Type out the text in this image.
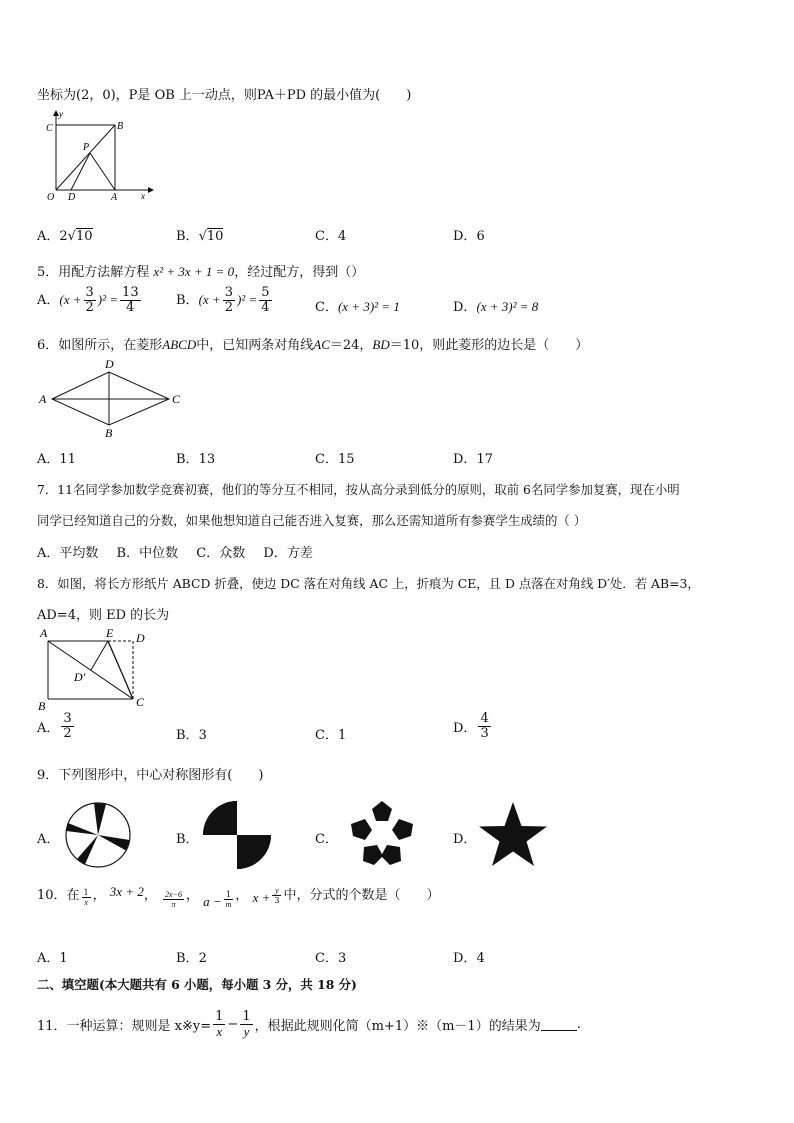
坐标为(2，0)，P是 OB 上一动点，则PA＋PD 的最小值为(　　)
y
C	B
P
O D	A	x
A．2√10	B．√10	C．4	D．6
5．用配方法解方程 x² + 3x + 1 = 0，经过配方，得到（）
A．$(x + \frac{3}{2} )^2 = \frac{13}{4}$	B．$(x + \frac{3}{2} )^2 = \frac{5}{4}$	C．(x + 3)² = 1	D．(x + 3)² = 8
6．如图所示，在菱形ABCD中，已知两条对角线AC＝24，BD＝10，则此菱形的边长是（　　）
D
A	C
B
A．11	B．13	C．15	D．17
7．11名同学参加数学竞赛初赛，他们的等分互不相同，按从高分录到低分的原则，取前 6名同学参加复赛，现在小明
同学已经知道自己的分数，如果他想知道自己能否进入复赛，那么还需知道所有参赛学生成绩的（ ）
A．平均数 B．中位数 C．众数 D．方差
8．如图，将长方形纸片 ABCD 折叠，使边 DC 落在对角线 AC 上，折痕为 CE，且 D 点落在对角线 D′处．若 AB=3，
AD=4，则 ED 的长为
A	E D
D′
B	C
A． $\frac{3}{2}$	B．3	C．1	D． $\frac{4}{3}$
9．下列图形中，中心对称图形有(　　)
A．	B．	C．	D．
10．在 $\frac{1}{x}$ ， 3x + 2， $\frac{2x-6}{\pi}$ ， $a - \frac{1}{m}$ ， $x + \frac{y}{3}$ 中，分式的个数是（　　）
A．1	B．2	C．3	D．4
二、填空题(本大题共有 6 小题，每小题 3 分，共 18 分)
11．一种运算：规则是 x※y= $\frac{1}{x} - \frac{1}{y}$ ，根据此规则化简（m+1）※（m－1）的结果为	.
